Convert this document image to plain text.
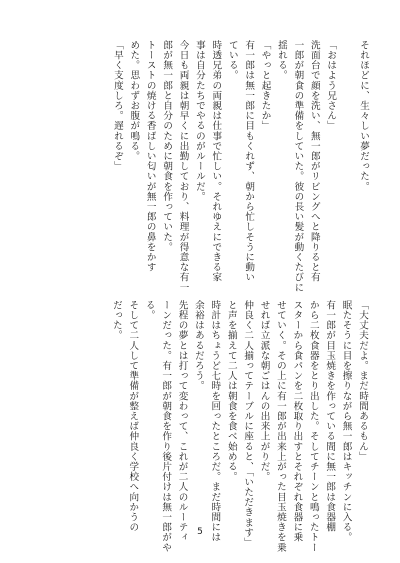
それほどに、生々しい夢だった。

「おはよう兄さん」
洗面台で顔を洗い、無一郎がリビングへと降りると有
一郎が朝食の準備をしていた。彼の長い髪が動くたびに
揺れる。
「やっと起きたか」
有一郎は無一郎に目もくれず、朝から忙しそうに動い
ている。
時透兄弟の両親は仕事で忙しい。それゆえにできる家
事は自分たちでやるのがルールだ。
今日も両親は朝早くに出勤しており、料理が得意な有一
郎が無一郎と自分のために朝食を作っていた。
トーストの焼ける香ばしい匂いが無一郎の鼻をかす
めた。思わずお腹が鳴る。
「早く支度しろ。遅れるぞ」
「大丈夫だよ。まだ時間あるもん」
眠たそうに目を擦りながら無一郎はキッチンに入る。
有一郎が目玉焼きを作っている間に無一郎は食器棚
から二枚食器をとり出した。そしてチーンと鳴ったトー
スターから食パンを二枚取り出すとそれぞれ食器に乗
せていく。その上に有一郎が出来上がった目玉焼きを乗
せれば立派な朝ごはんの出来上がりだ。
仲良く二人揃ってテーブルに座ると、「いただきます」
と声を揃えて二人は朝食を食べ始める。
時計はちょうど七時を回ったところだ。まだ時間には
余裕はあるだろう。
先程の夢とは打って変わって、これが二人のルーティ
ーンだった。有一郎が朝食を作り後片付けは無一郎がや
る。
そして二人して準備が整えば仲良く学校へ向かうの
だった。
5
